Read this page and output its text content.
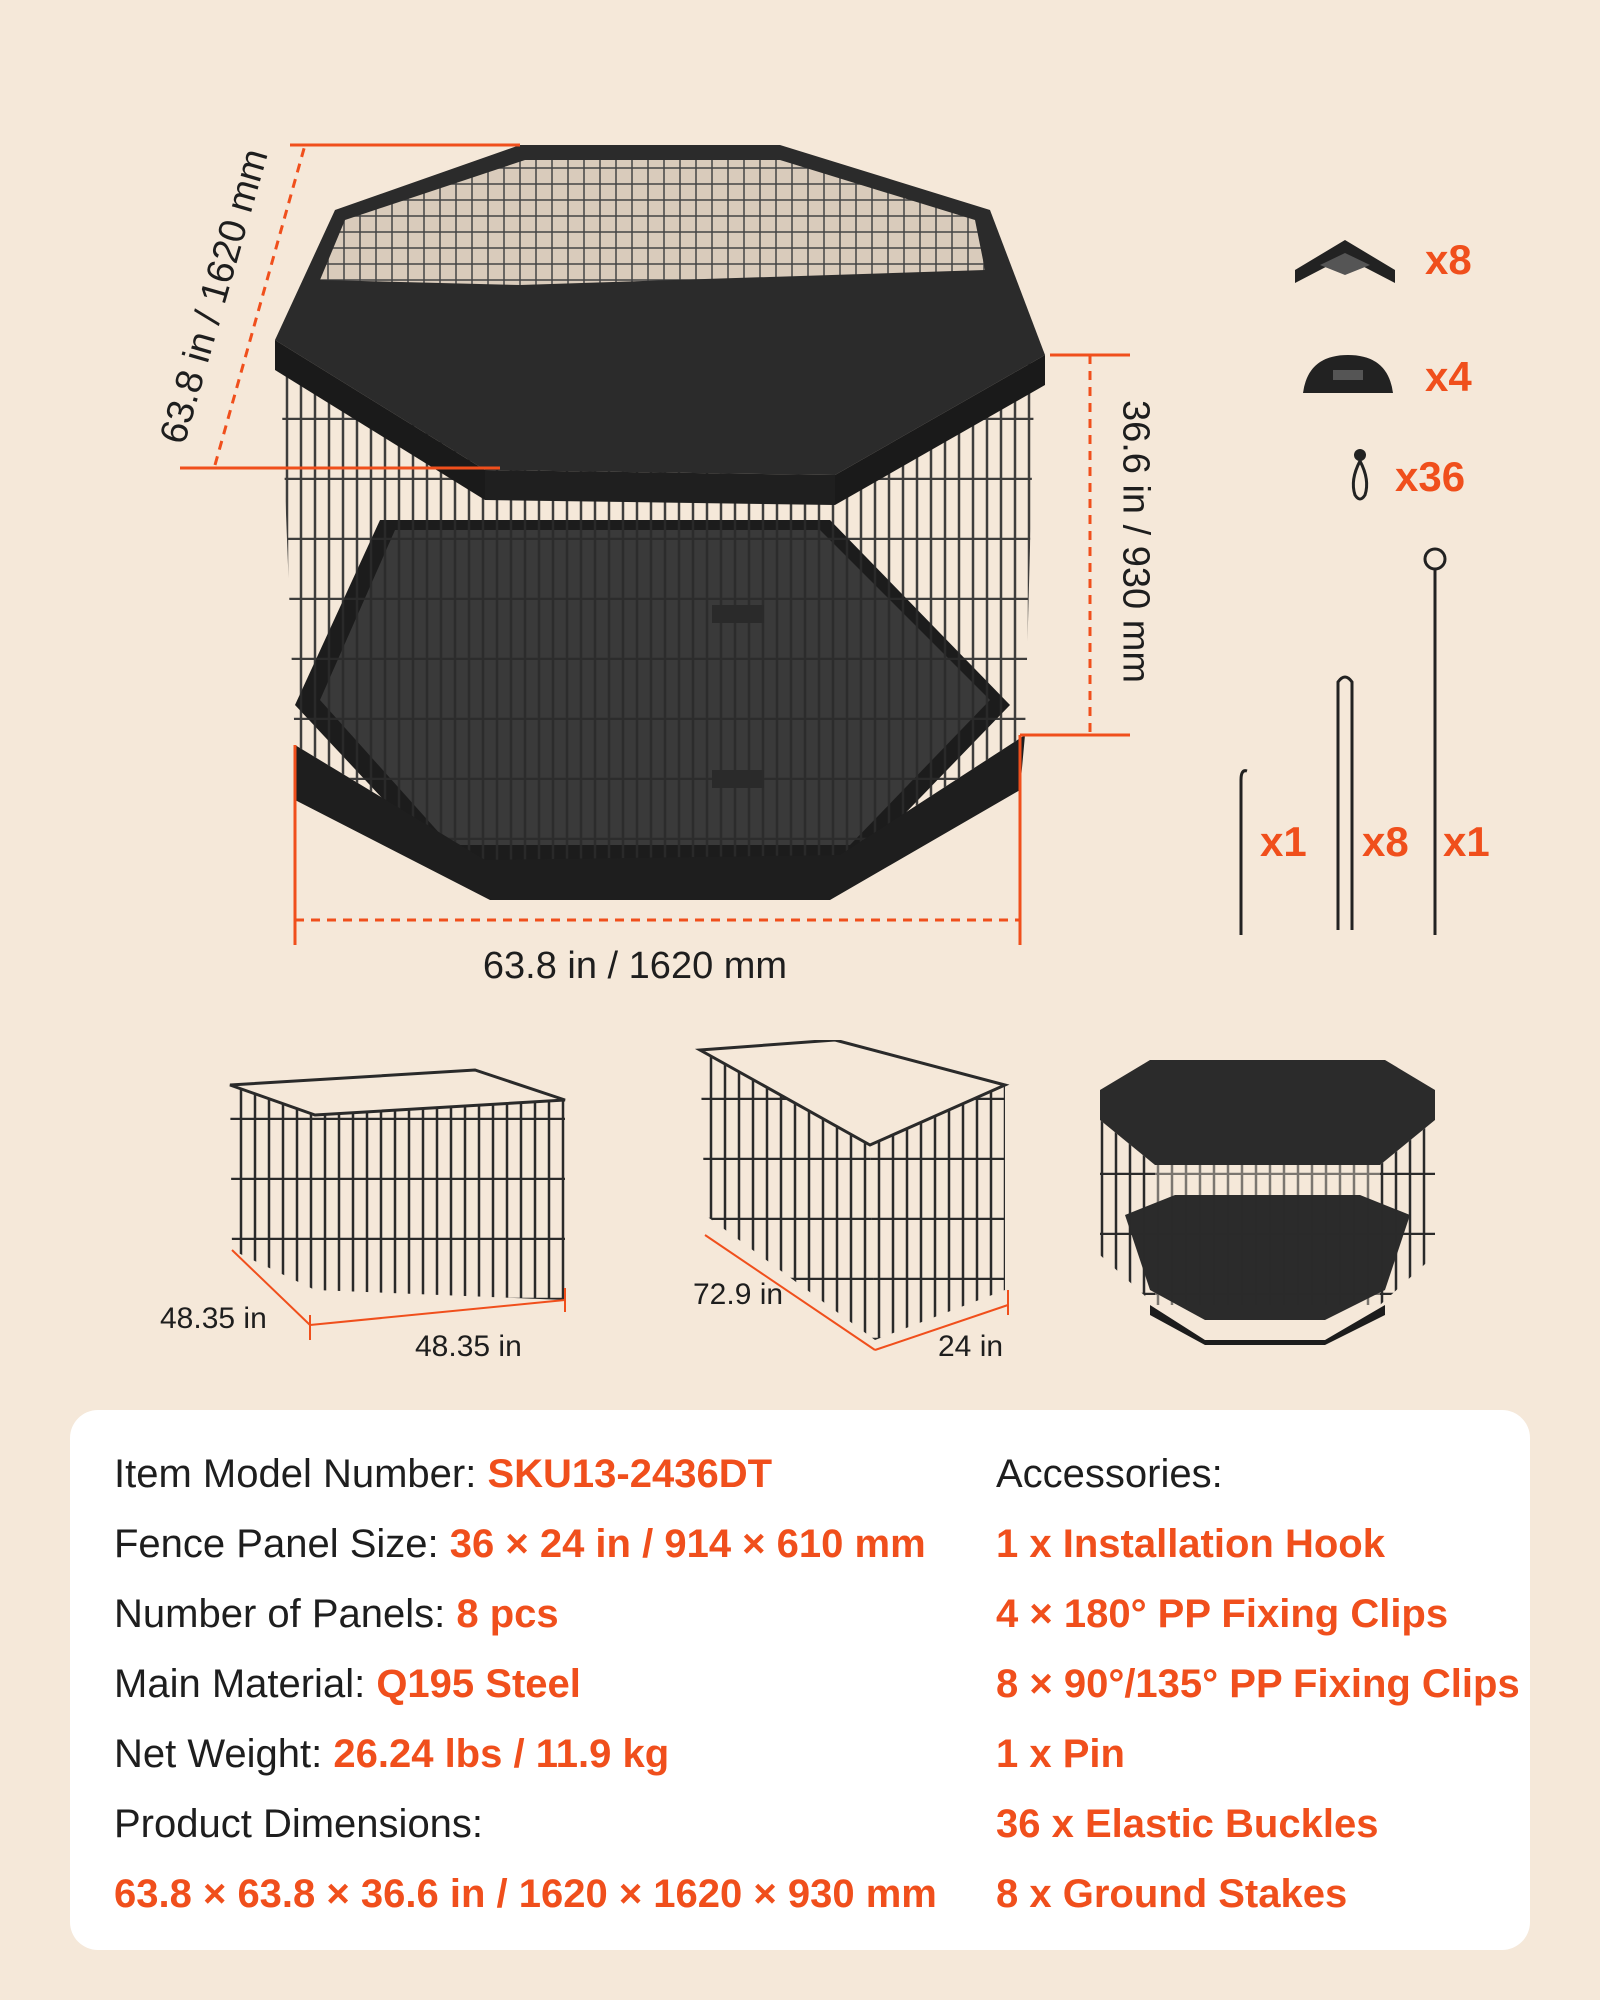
63.8 in / 1620 mm
36.6 in / 930 mm
63.8 in / 1620 mm
x8
x4
x36
x1 x8 x1
48.35 in
48.35 in
72.9 in
24 in
Item Model Number: SKU13-2436DT
Fence Panel Size: 36 × 24 in / 914 × 610 mm
Number of Panels: 8 pcs
Main Material: Q195 Steel
Net Weight: 26.24 lbs / 11.9 kg
Product Dimensions:
63.8 × 63.8 × 36.6 in / 1620 × 1620 × 930 mm
Accessories:
1 x Installation Hook
4 × 180° PP Fixing Clips
8 × 90°/135° PP Fixing Clips
1 x Pin
36 x Elastic Buckles
8 x Ground Stakes
